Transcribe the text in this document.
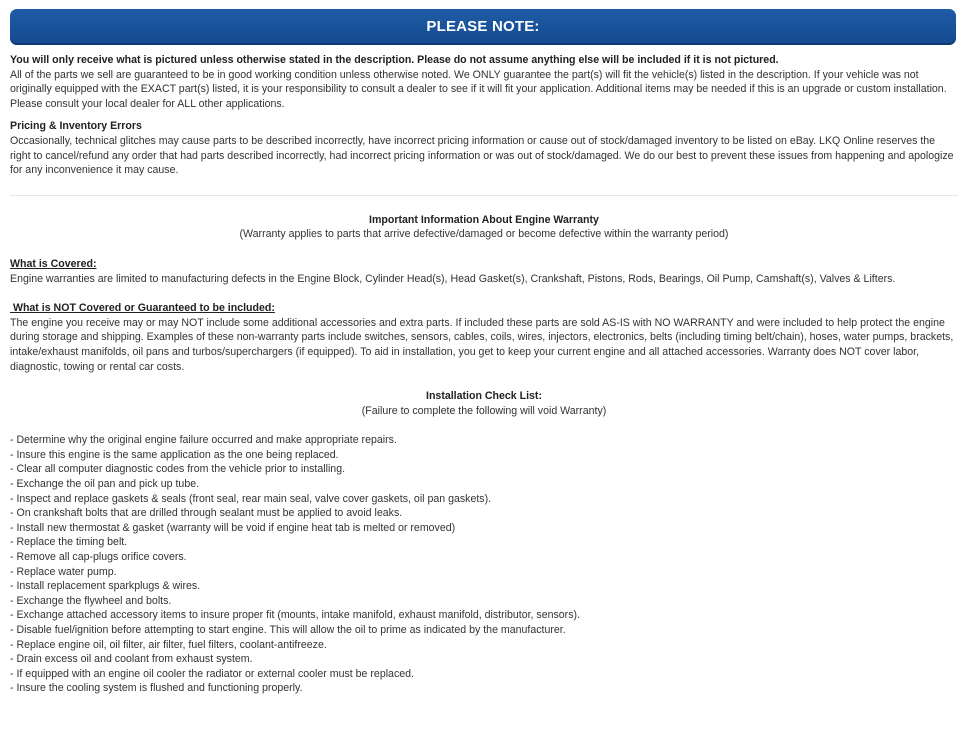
PLEASE NOTE:

You will only receive what is pictured unless otherwise stated in the description. Please do not assume anything else will be included if it is not pictured.

All of the parts we sell are guaranteed to be in good working condition unless otherwise noted. We ONLY guarantee the part(s) will fit the vehicle(s) listed in the description. If your vehicle was not originally equipped with the EXACT part(s) listed, it is your responsibility to consult a dealer to see if it will fit your application. Additional items may be needed if this is an upgrade or custom installation. Please consult your local dealer for ALL other applications.

Pricing & Inventory Errors

Occasionally, technical glitches may cause parts to be described incorrectly, have incorrect pricing information or cause out of stock/damaged inventory to be listed on eBay. LKQ Online reserves the right to cancel/refund any order that had parts described incorrectly, had incorrect pricing information or was out of stock/damaged. We do our best to prevent these issues from happening and apologize for any inconvenience it may cause.

Important Information About Engine Warranty

(Warranty applies to parts that arrive defective/damaged or become defective within the warranty period)

What is Covered:

Engine warranties are limited to manufacturing defects in the Engine Block, Cylinder Head(s), Head Gasket(s), Crankshaft, Pistons, Rods, Bearings, Oil Pump, Camshaft(s), Valves & Lifters.

What is NOT Covered or Guaranteed to be included:

The engine you receive may or may NOT include some additional accessories and extra parts. If included these parts are sold AS-IS with NO WARRANTY and were included to help protect the engine during storage and shipping. Examples of these non-warranty parts include switches, sensors, cables, coils, wires, injectors, electronics, belts (including timing belt/chain), hoses, water pumps, brackets, intake/exhaust manifolds, oil pans and turbos/superchargers (if equipped). To aid in installation, you get to keep your current engine and all attached accessories. Warranty does NOT cover labor, diagnostic, towing or rental car costs.

Installation Check List:

(Failure to complete the following will void Warranty)

- Determine why the original engine failure occurred and make appropriate repairs.
- Insure this engine is the same application as the one being replaced.
- Clear all computer diagnostic codes from the vehicle prior to installing.
- Exchange the oil pan and pick up tube.
- Inspect and replace gaskets & seals (front seal, rear main seal, valve cover gaskets, oil pan gaskets).
- On crankshaft bolts that are drilled through sealant must be applied to avoid leaks.
- Install new thermostat & gasket (warranty will be void if engine heat tab is melted or removed)
- Replace the timing belt.
- Remove all cap-plugs orifice covers.
- Replace water pump.
- Install replacement sparkplugs & wires.
- Exchange the flywheel and bolts.
- Exchange attached accessory items to insure proper fit (mounts, intake manifold, exhaust manifold, distributor, sensors).
- Disable fuel/ignition before attempting to start engine. This will allow the oil to prime as indicated by the manufacturer.
- Replace engine oil, oil filter, air filter, fuel filters, coolant-antifreeze.
- Drain excess oil and coolant from exhaust system.
- If equipped with an engine oil cooler the radiator or external cooler must be replaced.
- Insure the cooling system is flushed and functioning properly.
